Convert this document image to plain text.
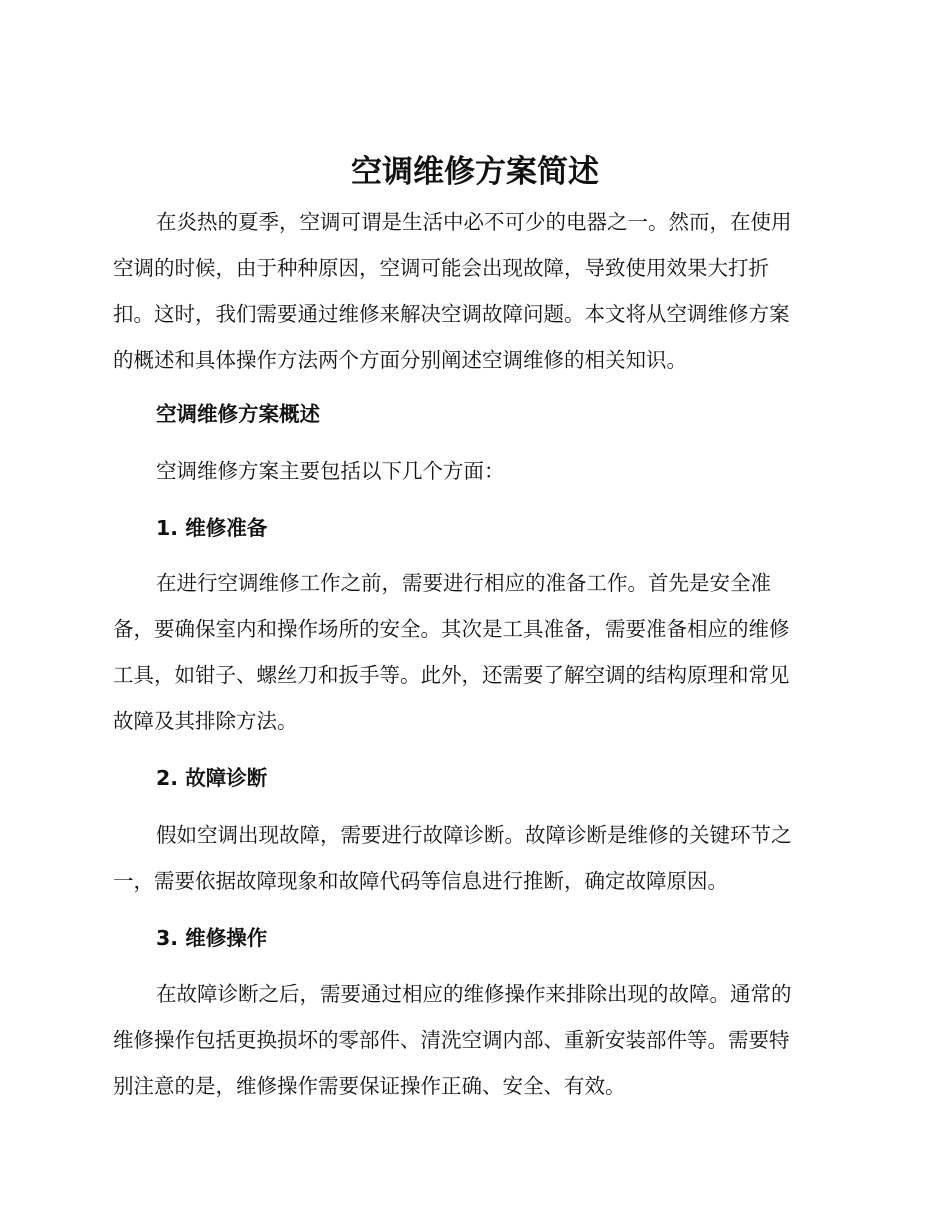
空调维修方案简述

在炎热的夏季，空调可谓是生活中必不可少的电器之一。然而，在使用
空调的时候，由于种种原因，空调可能会出现故障，导致使用效果大打折
扣。这时，我们需要通过维修来解决空调故障问题。本文将从空调维修方案
的概述和具体操作方法两个方面分别阐述空调维修的相关知识。

空调维修方案概述

空调维修方案主要包括以下几个方面：

1. 维修准备

在进行空调维修工作之前，需要进行相应的准备工作。首先是安全准
备，要确保室内和操作场所的安全。其次是工具准备，需要准备相应的维修
工具，如钳子、螺丝刀和扳手等。此外，还需要了解空调的结构原理和常见
故障及其排除方法。

2. 故障诊断

假如空调出现故障，需要进行故障诊断。故障诊断是维修的关键环节之
一，需要依据故障现象和故障代码等信息进行推断，确定故障原因。

3. 维修操作

在故障诊断之后，需要通过相应的维修操作来排除出现的故障。通常的
维修操作包括更换损坏的零部件、清洗空调内部、重新安装部件等。需要特
别注意的是，维修操作需要保证操作正确、安全、有效。
